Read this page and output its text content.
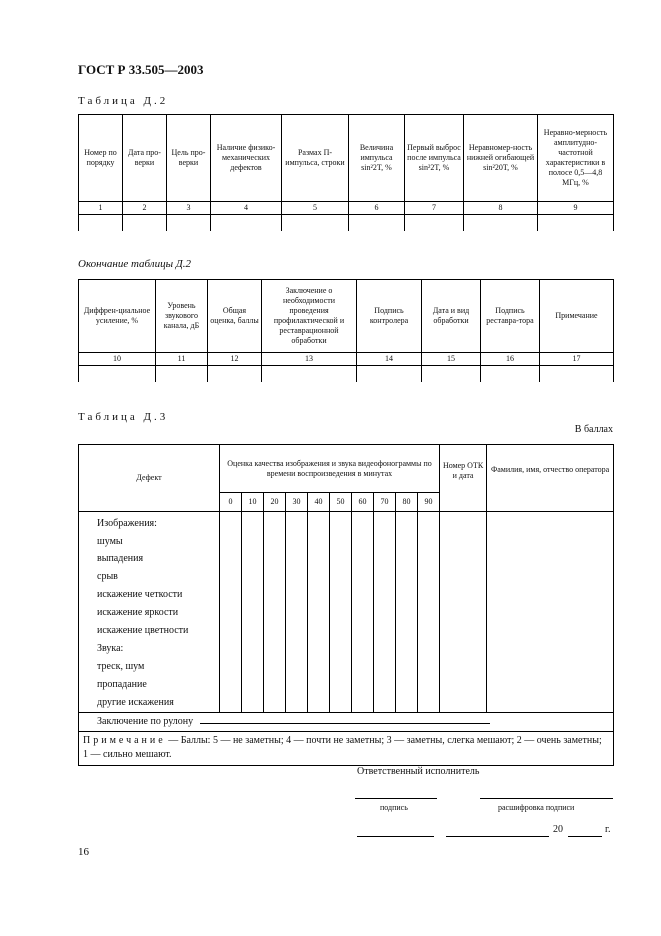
ГОСТ Р 33.505—2003
Таблица Д.2
Номер по порядку	Дата про-верки	Цель про-верки	Наличие физико-механических дефектов	Размах П-импульса, строки	Величина импульса sin²2T, %	Первый выброс после импульса sin²2T, %	Неравномер-ность нижней огибающей sin²20T, %	Неравно-мерность амплитудно-частотной характеристики в полосе 0,5—4,8 МГц, %
1	2	3	4	5	6	7	8	9

Окончание таблицы Д.2
Диффрен-циальное усиление, %	Уровень звукового канала, дБ	Общая оценка, баллы	Заключение о необходимости проведения профилактической и реставрационной обработки	Подпись контролера	Дата и вид обработки	Подпись реставра-тора	Примечание
10	11	12	13	14	15	16	17

Таблица Д.3
В баллах
Дефект	Оценка качества изображения и звука видеофонограммы по времени воспроизведения в минутах										Номер ОТК и дата	Фамилия, имя, отчество оператора
	0	10	20	30	40	50	60	70	80	90		
Изображения:												
шумы												
выпадения												
срыв												
искажение четкости												
искажение яркости												
искажение цветности												
Звука:												
треск, шум												
пропадание												
другие искажения												
Заключение по рулону												
Примечание — Баллы: 5 — не заметны; 4 — почти не заметны; 3 — заметны, слегка мешают; 2 — очень заметны; 1 — сильно мешают.												
Ответственный исполнитель
подпись	расшифровка подписи
20	г.
16
